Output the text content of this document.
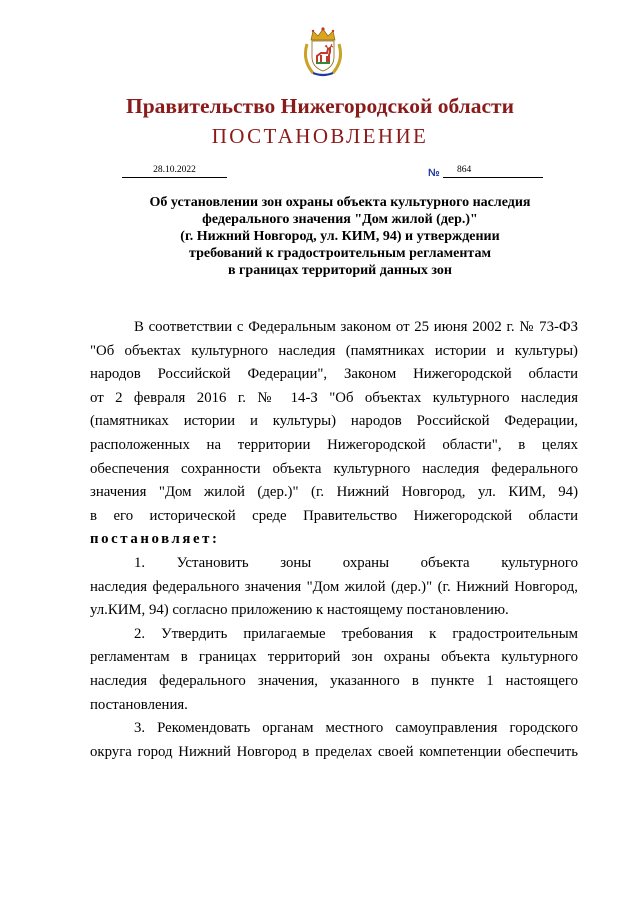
Правительство Нижегородской области
ПОСТАНОВЛЕНИЕ
28.10.2022	№	864
Об установлении зон охраны объекта культурного наследия
федерального значения "Дом жилой (дер.)"
(г. Нижний Новгород, ул. КИМ, 94) и утверждении
требований к градостроительным регламентам
в границах территорий данных зон
В соответствии с Федеральным законом от 25 июня 2002 г. № 73-ФЗ
"Об объектах культурного наследия (памятниках истории и культуры)
народов Российской Федерации", Законом Нижегородской области
от 2 февраля 2016 г. № 14-З "Об объектах культурного наследия
(памятниках истории и культуры) народов Российской Федерации,
расположенных на территории Нижегородской области", в целях
обеспечения сохранности объекта культурного наследия федерального
значения "Дом жилой (дер.)" (г. Нижний Новгород, ул. КИМ, 94)
в его исторической среде Правительство Нижегородской области
постановляет:
1. Установить зоны охраны объекта культурного
наследия федерального значения "Дом жилой (дер.)" (г. Нижний Новгород,
ул.КИМ, 94) согласно приложению к настоящему постановлению.
2. Утвердить прилагаемые требования к градостроительным
регламентам в границах территорий зон охраны объекта культурного
наследия федерального значения, указанного в пункте 1 настоящего
постановления.
3. Рекомендовать органам местного самоуправления городского
округа город Нижний Новгород в пределах своей компетенции обеспечить
